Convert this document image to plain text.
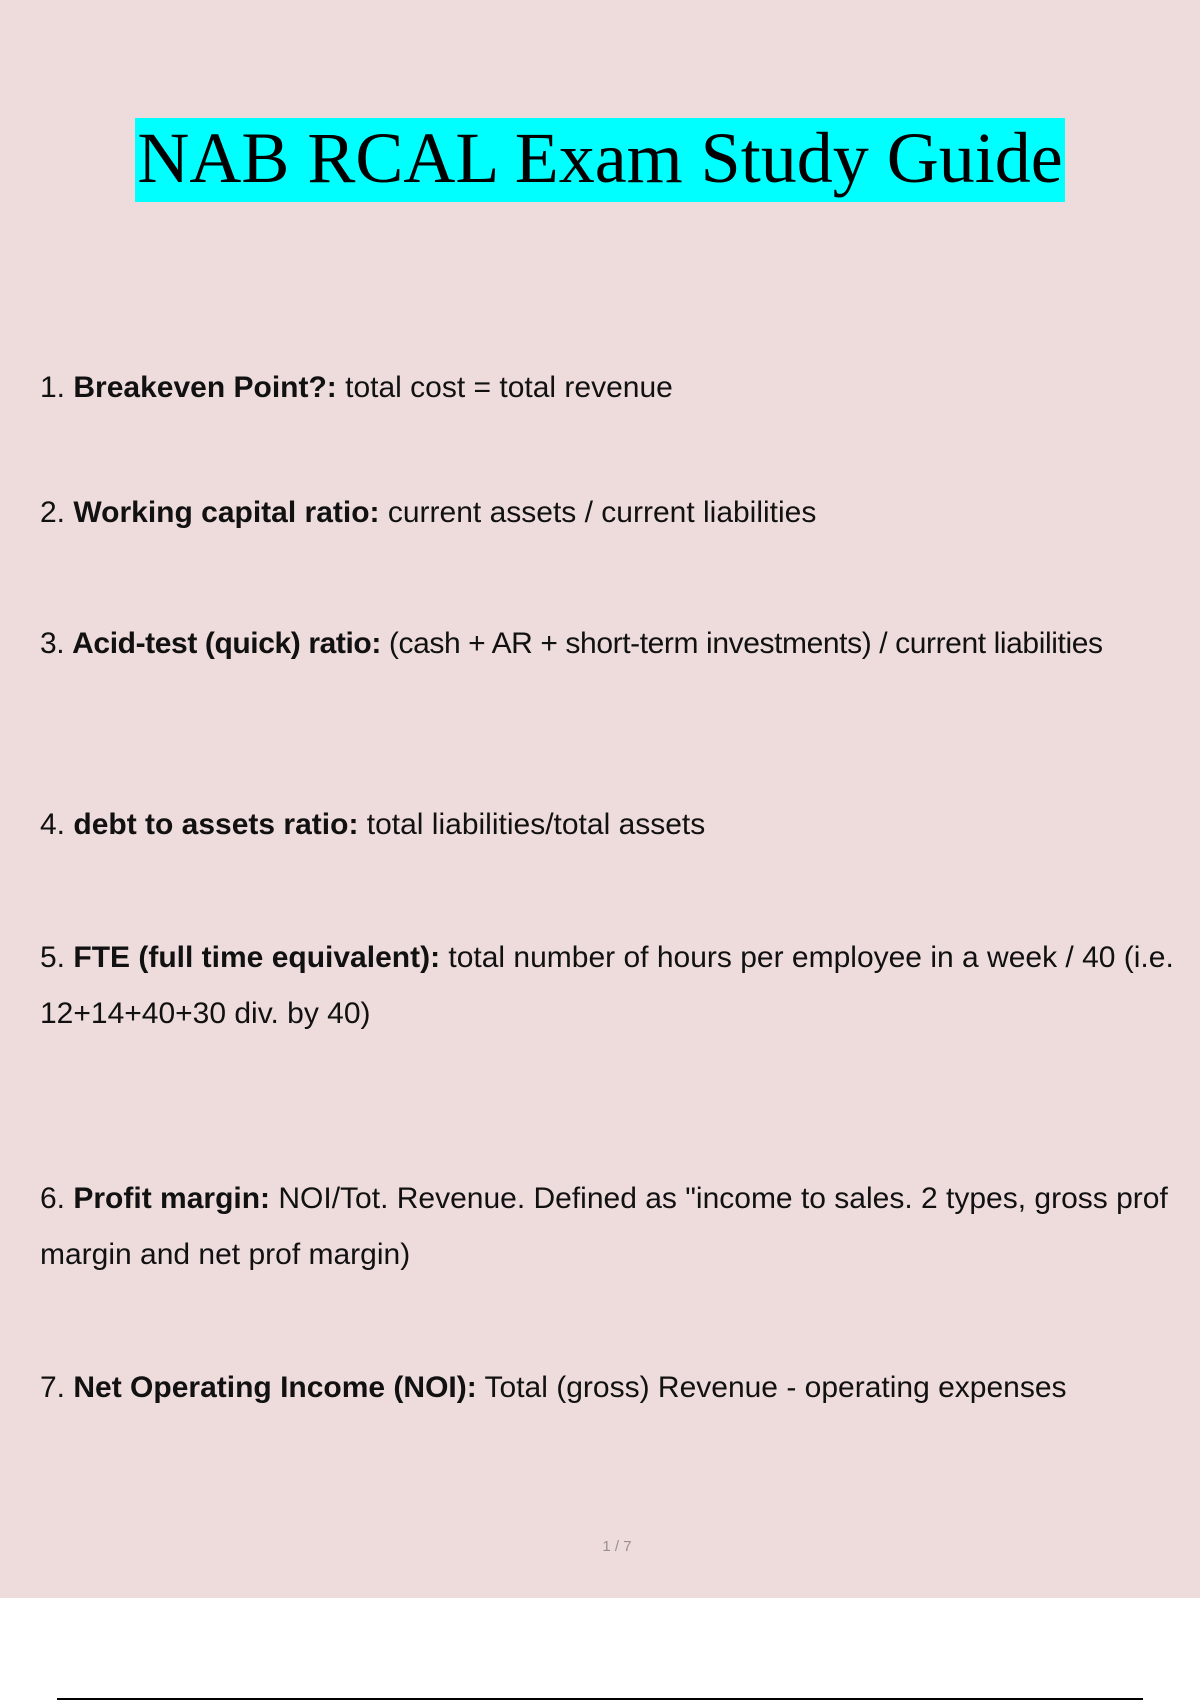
NAB RCAL Exam Study Guide

1. Breakeven Point?: total cost = total revenue

2. Working capital ratio: current assets / current liabilities

3. Acid-test (quick) ratio: (cash + AR + short-term investments) / current liabilities

4. debt to assets ratio: total liabilities/total assets

5. FTE (full time equivalent): total number of hours per employee in a week / 40 (i.e. 12+14+40+30 div. by 40)

6. Profit margin: NOI/Tot. Revenue. Defined as "income to sales. 2 types, gross prof margin and net prof margin)

7. Net Operating Income (NOI): Total (gross) Revenue - operating expenses

1 / 7
